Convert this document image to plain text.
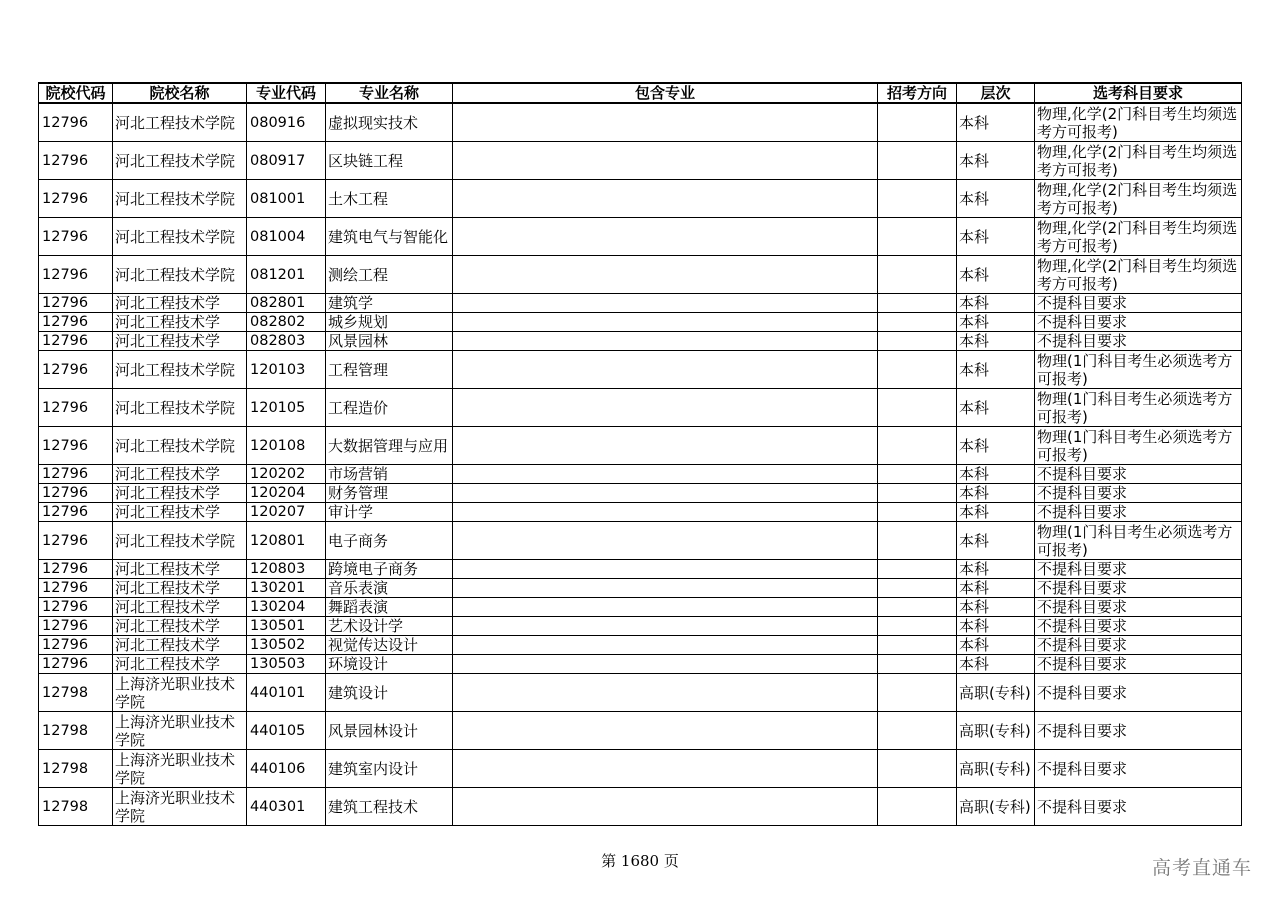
院校代码	院校名称	专业代码	专业名称	包含专业	招考方向	层次	选考科目要求
12796	河北工程技术学院	080916	虚拟现实技术			本科	物理,化学(2门科目考生均须选考方可报考)
12796	河北工程技术学院	080917	区块链工程			本科	物理,化学(2门科目考生均须选考方可报考)
12796	河北工程技术学院	081001	土木工程			本科	物理,化学(2门科目考生均须选考方可报考)
12796	河北工程技术学院	081004	建筑电气与智能化			本科	物理,化学(2门科目考生均须选考方可报考)
12796	河北工程技术学院	081201	测绘工程			本科	物理,化学(2门科目考生均须选考方可报考)
12796	河北工程技术学	082801	建筑学			本科	不提科目要求
12796	河北工程技术学	082802	城乡规划			本科	不提科目要求
12796	河北工程技术学	082803	风景园林			本科	不提科目要求
12796	河北工程技术学院	120103	工程管理			本科	物理(1门科目考生必须选考方可报考)
12796	河北工程技术学院	120105	工程造价			本科	物理(1门科目考生必须选考方可报考)
12796	河北工程技术学院	120108	大数据管理与应用			本科	物理(1门科目考生必须选考方可报考)
12796	河北工程技术学	120202	市场营销			本科	不提科目要求
12796	河北工程技术学	120204	财务管理			本科	不提科目要求
12796	河北工程技术学	120207	审计学			本科	不提科目要求
12796	河北工程技术学院	120801	电子商务			本科	物理(1门科目考生必须选考方可报考)
12796	河北工程技术学	120803	跨境电子商务			本科	不提科目要求
12796	河北工程技术学	130201	音乐表演			本科	不提科目要求
12796	河北工程技术学	130204	舞蹈表演			本科	不提科目要求
12796	河北工程技术学	130501	艺术设计学			本科	不提科目要求
12796	河北工程技术学	130502	视觉传达设计			本科	不提科目要求
12796	河北工程技术学	130503	环境设计			本科	不提科目要求
12798	上海济光职业技术学院	440101	建筑设计			高职(专科)	不提科目要求
12798	上海济光职业技术学院	440105	风景园林设计			高职(专科)	不提科目要求
12798	上海济光职业技术学院	440106	建筑室内设计			高职(专科)	不提科目要求
12798	上海济光职业技术学院	440301	建筑工程技术			高职(专科)	不提科目要求
第 1680 页	高考直通车
